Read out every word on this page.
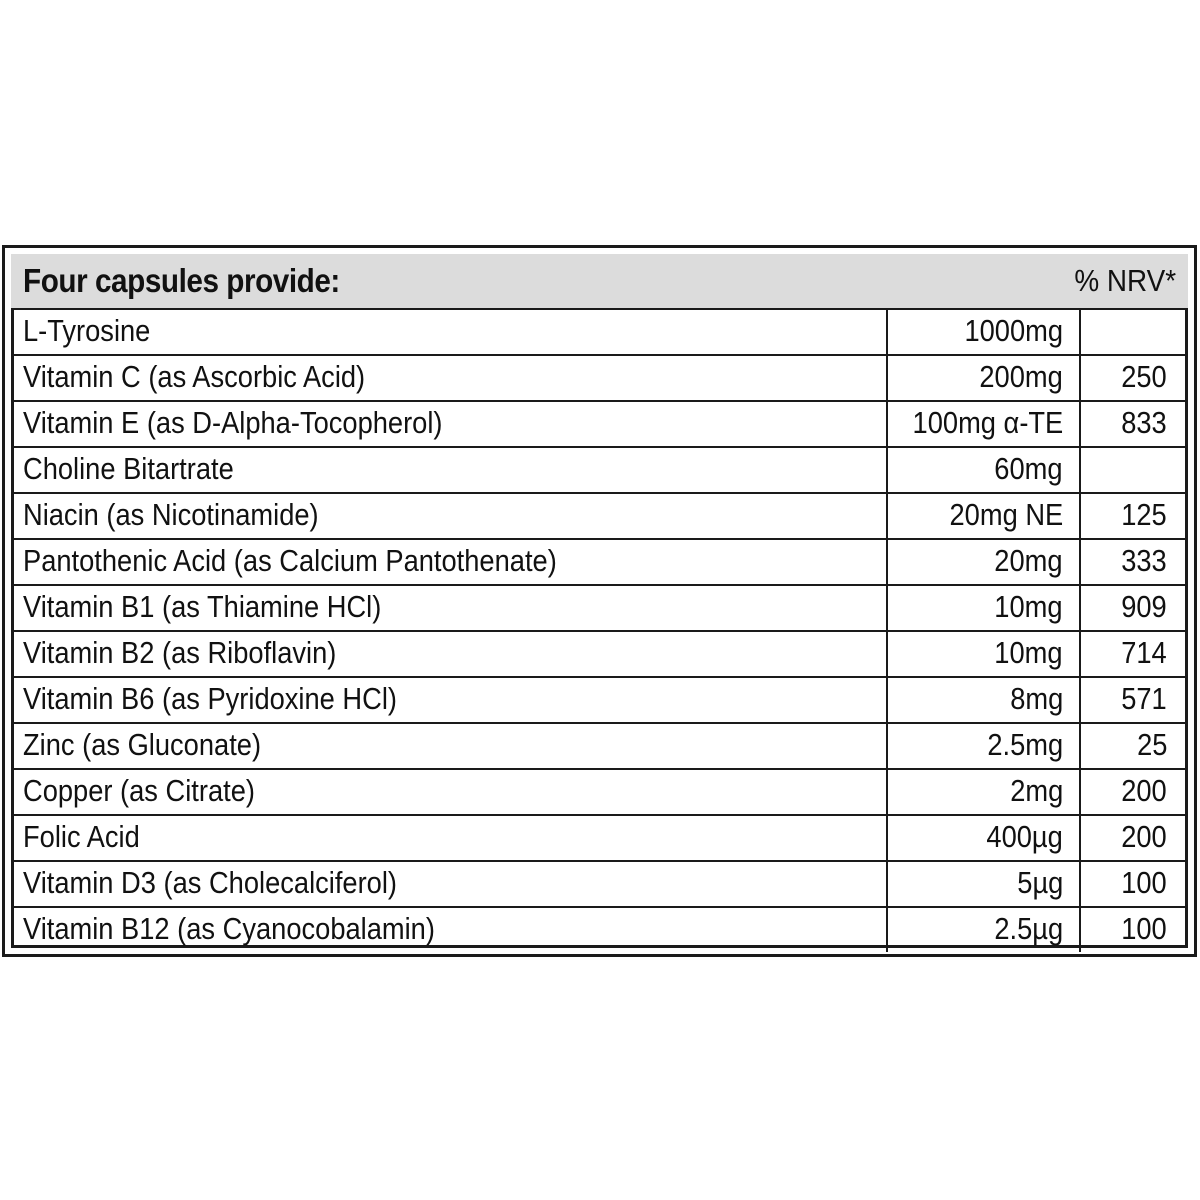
Four capsules provide:	% NRV*
L-Tyrosine	1000mg
Vitamin C (as Ascorbic Acid)	200mg	250
Vitamin E (as D-Alpha-Tocopherol)	100mg α-TE	833
Choline Bitartrate	60mg
Niacin (as Nicotinamide)	20mg NE	125
Pantothenic Acid (as Calcium Pantothenate)	20mg	333
Vitamin B1 (as Thiamine HCl)	10mg	909
Vitamin B2 (as Riboflavin)	10mg	714
Vitamin B6 (as Pyridoxine HCl)	8mg	571
Zinc (as Gluconate)	2.5mg	25
Copper (as Citrate)	2mg	200
Folic Acid	400µg	200
Vitamin D3 (as Cholecalciferol)	5µg	100
Vitamin B12 (as Cyanocobalamin)	2.5µg	100
